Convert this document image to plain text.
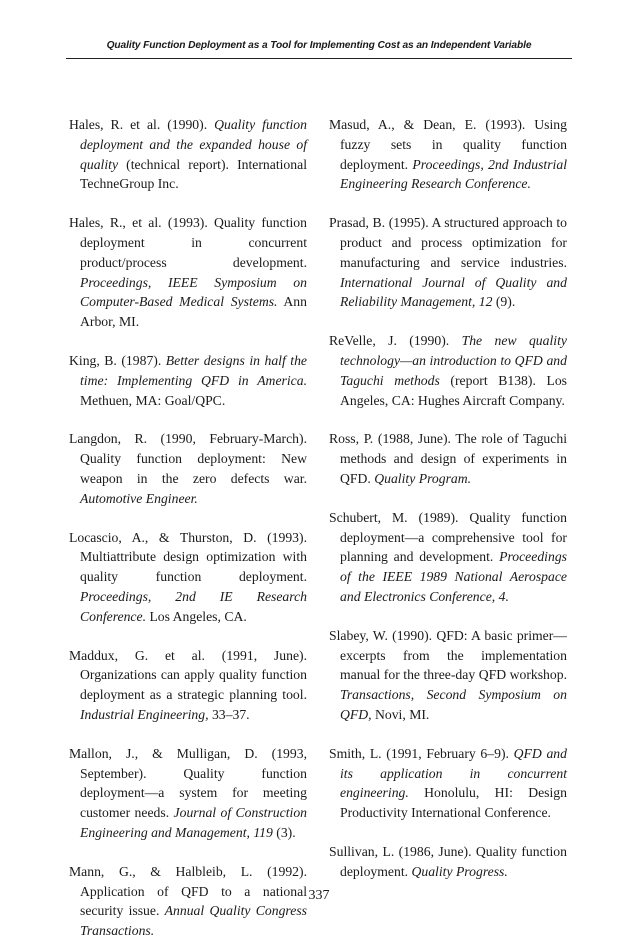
Quality Function Deployment as a Tool for Implementing Cost as an Independent Variable

Hales, R. et al. (1990). Quality function deployment and the expanded house of quality (technical report). International TechneGroup Inc.

Hales, R., et al. (1993). Quality function deployment in concurrent product/process development. Proceedings, IEEE Symposium on Computer-Based Medical Systems. Ann Arbor, MI.

King, B. (1987). Better designs in half the time: Implementing QFD in America. Methuen, MA: Goal/QPC.

Langdon, R. (1990, February-March). Quality function deployment: New weapon in the zero defects war. Automotive Engineer.

Locascio, A., & Thurston, D. (1993). Multiattribute design optimization with quality function deployment. Proceedings, 2nd IE Research Conference. Los Angeles, CA.

Maddux, G. et al. (1991, June). Organizations can apply quality function deployment as a strategic planning tool. Industrial Engineering, 33–37.

Mallon, J., & Mulligan, D. (1993, September). Quality function deployment—a system for meeting customer needs. Journal of Construction Engineering and Management, 119 (3).

Mann, G., & Halbleib, L. (1992). Application of QFD to a national security issue. Annual Quality Congress Transactions.

Masud, A., & Dean, E. (1993). Using fuzzy sets in quality function deployment. Proceedings, 2nd Industrial Engineering Research Conference.

Prasad, B. (1995). A structured approach to product and process optimization for manufacturing and service industries. International Journal of Quality and Reliability Management, 12 (9).

ReVelle, J. (1990). The new quality technology—an introduction to QFD and Taguchi methods (report B138). Los Angeles, CA: Hughes Aircraft Company.

Ross, P. (1988, June). The role of Taguchi methods and design of experiments in QFD. Quality Program.

Schubert, M. (1989). Quality function deployment—a comprehensive tool for planning and development. Proceedings of the IEEE 1989 National Aerospace and Electronics Conference, 4.

Slabey, W. (1990). QFD: A basic primer—excerpts from the implementation manual for the three-day QFD workshop. Transactions, Second Symposium on QFD, Novi, MI.

Smith, L. (1991, February 6–9). QFD and its application in concurrent engineering. Honolulu, HI: Design Productivity International Conference.

Sullivan, L. (1986, June). Quality function deployment. Quality Progress.

337
